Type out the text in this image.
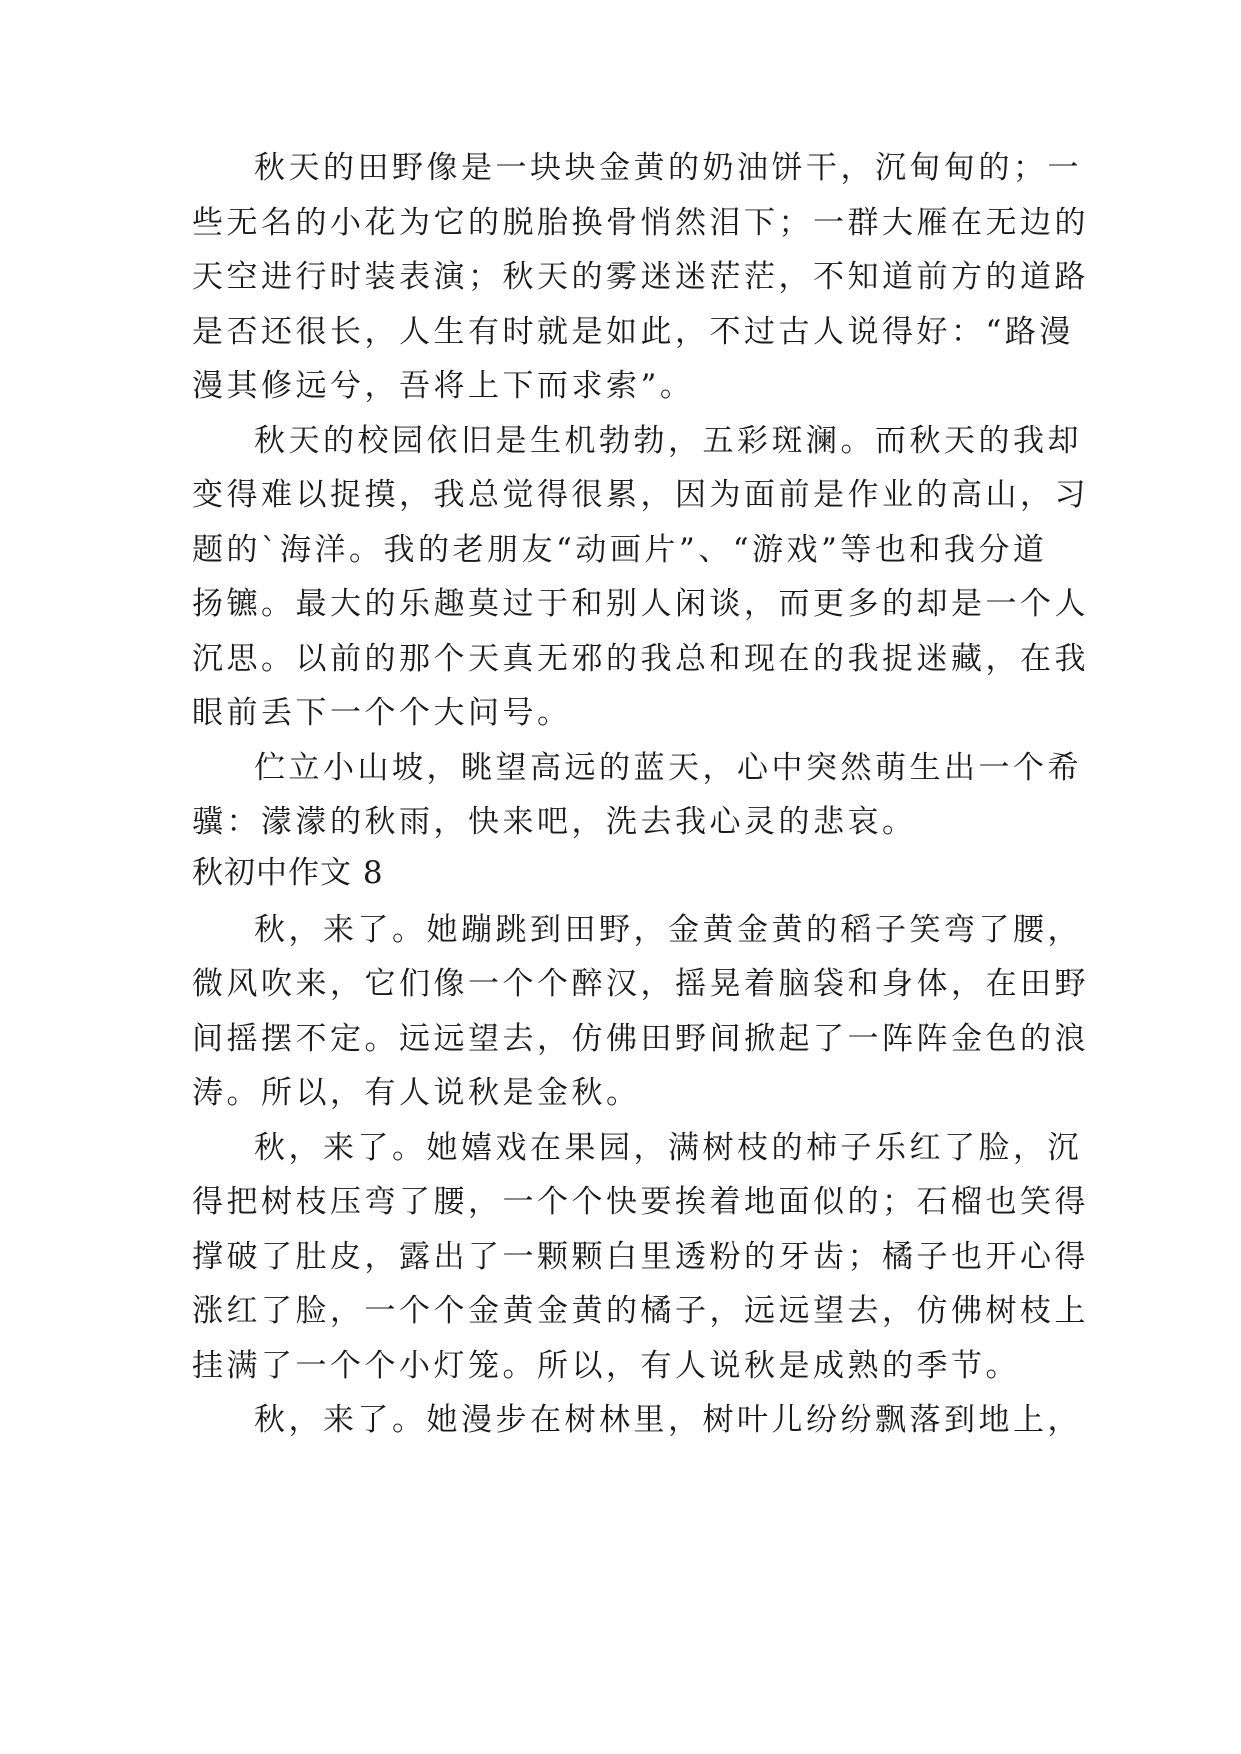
秋天的田野像是一块块金黄的奶油饼干，沉甸甸的；一
些无名的小花为它的脱胎换骨悄然泪下；一群大雁在无边的
天空进行时装表演；秋天的雾迷迷茫茫，不知道前方的道路
是否还很长，人生有时就是如此，不过古人说得好：“路漫
漫其修远兮，吾将上下而求索”。
秋天的校园依旧是生机勃勃，五彩斑澜。而秋天的我却
变得难以捉摸，我总觉得很累，因为面前是作业的高山，习
题的`海洋。我的老朋友“动画片”、“游戏”等也和我分道
扬镳。最大的乐趣莫过于和别人闲谈，而更多的却是一个人
沉思。以前的那个天真无邪的我总和现在的我捉迷藏，在我
眼前丢下一个个大问号。
伫立小山坡，眺望高远的蓝天，心中突然萌生出一个希
骥：濛濛的秋雨，快来吧，洗去我心灵的悲哀。
秋初中作文 8
秋，来了。她蹦跳到田野，金黄金黄的稻子笑弯了腰，
微风吹来，它们像一个个醉汉，摇晃着脑袋和身体，在田野
间摇摆不定。远远望去，仿佛田野间掀起了一阵阵金色的浪
涛。所以，有人说秋是金秋。
秋，来了。她嬉戏在果园，满树枝的柿子乐红了脸，沉
得把树枝压弯了腰，一个个快要挨着地面似的；石榴也笑得
撑破了肚皮，露出了一颗颗白里透粉的牙齿；橘子也开心得
涨红了脸，一个个金黄金黄的橘子，远远望去，仿佛树枝上
挂满了一个个小灯笼。所以，有人说秋是成熟的季节。
秋，来了。她漫步在树林里，树叶儿纷纷飘落到地上，
